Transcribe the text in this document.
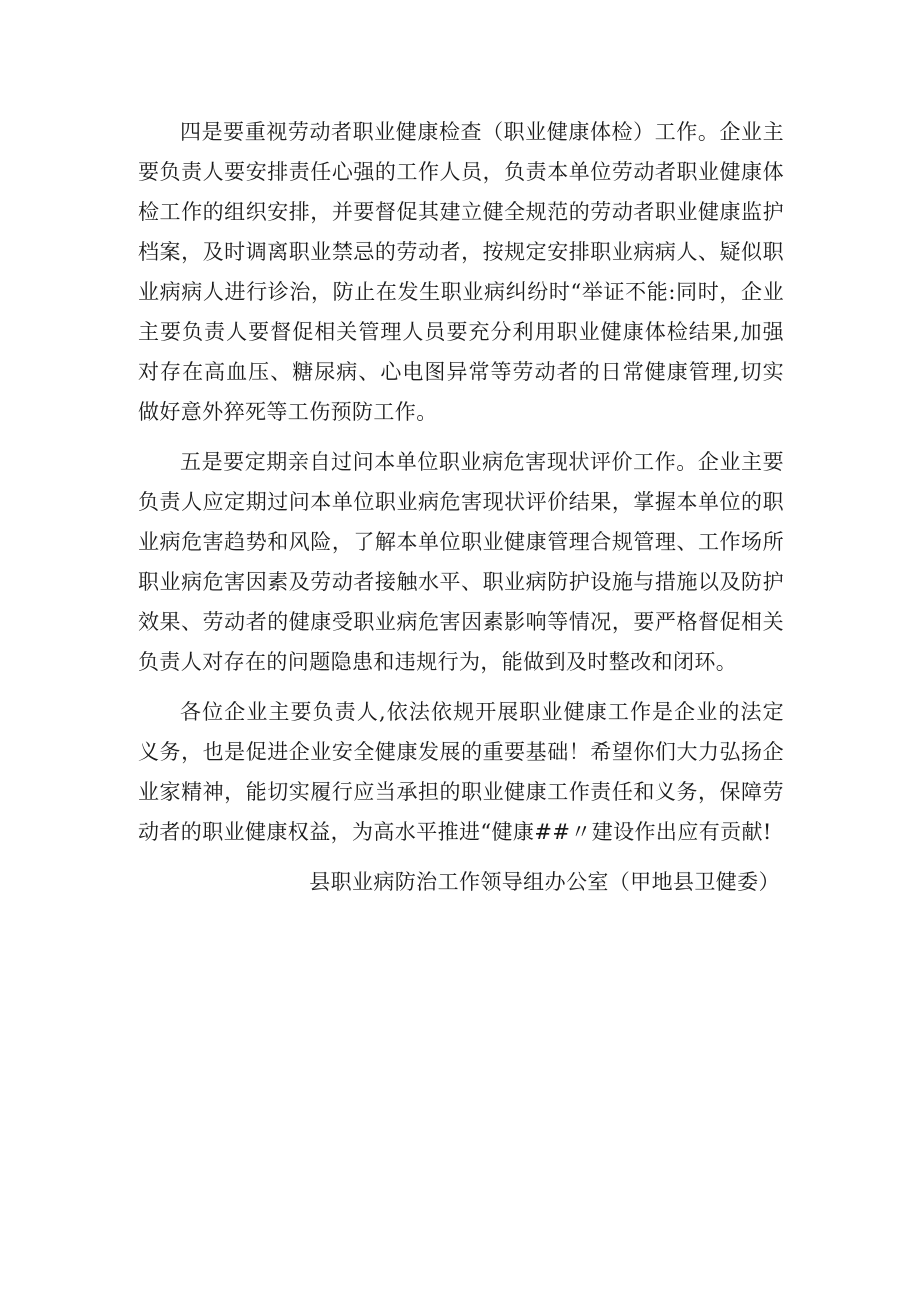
四是要重视劳动者职业健康检查（职业健康体检）工作。企业主要负责人要安排责任心强的工作人员，负责本单位劳动者职业健康体检工作的组织安排，并要督促其建立健全规范的劳动者职业健康监护档案，及时调离职业禁忌的劳动者，按规定安排职业病病人、疑似职业病病人进行诊治，防止在发生职业病纠纷时“举证不能:同时，企业主要负责人要督促相关管理人员要充分利用职业健康体检结果,加强对存在高血压、糖尿病、心电图异常等劳动者的日常健康管理,切实做好意外猝死等工伤预防工作。

五是要定期亲自过问本单位职业病危害现状评价工作。企业主要负责人应定期过问本单位职业病危害现状评价结果，掌握本单位的职业病危害趋势和风险，了解本单位职业健康管理合规管理、工作场所职业病危害因素及劳动者接触水平、职业病防护设施与措施以及防护效果、劳动者的健康受职业病危害因素影响等情况，要严格督促相关负责人对存在的问题隐患和违规行为，能做到及时整改和闭环。

各位企业主要负责人,依法依规开展职业健康工作是企业的法定义务，也是促进企业安全健康发展的重要基础！希望你们大力弘扬企业家精神，能切实履行应当承担的职业健康工作责任和义务，保障劳动者的职业健康权益，为高水平推进“健康##〃建设作出应有贡献!

县职业病防治工作领导组办公室（甲地县卫健委）
